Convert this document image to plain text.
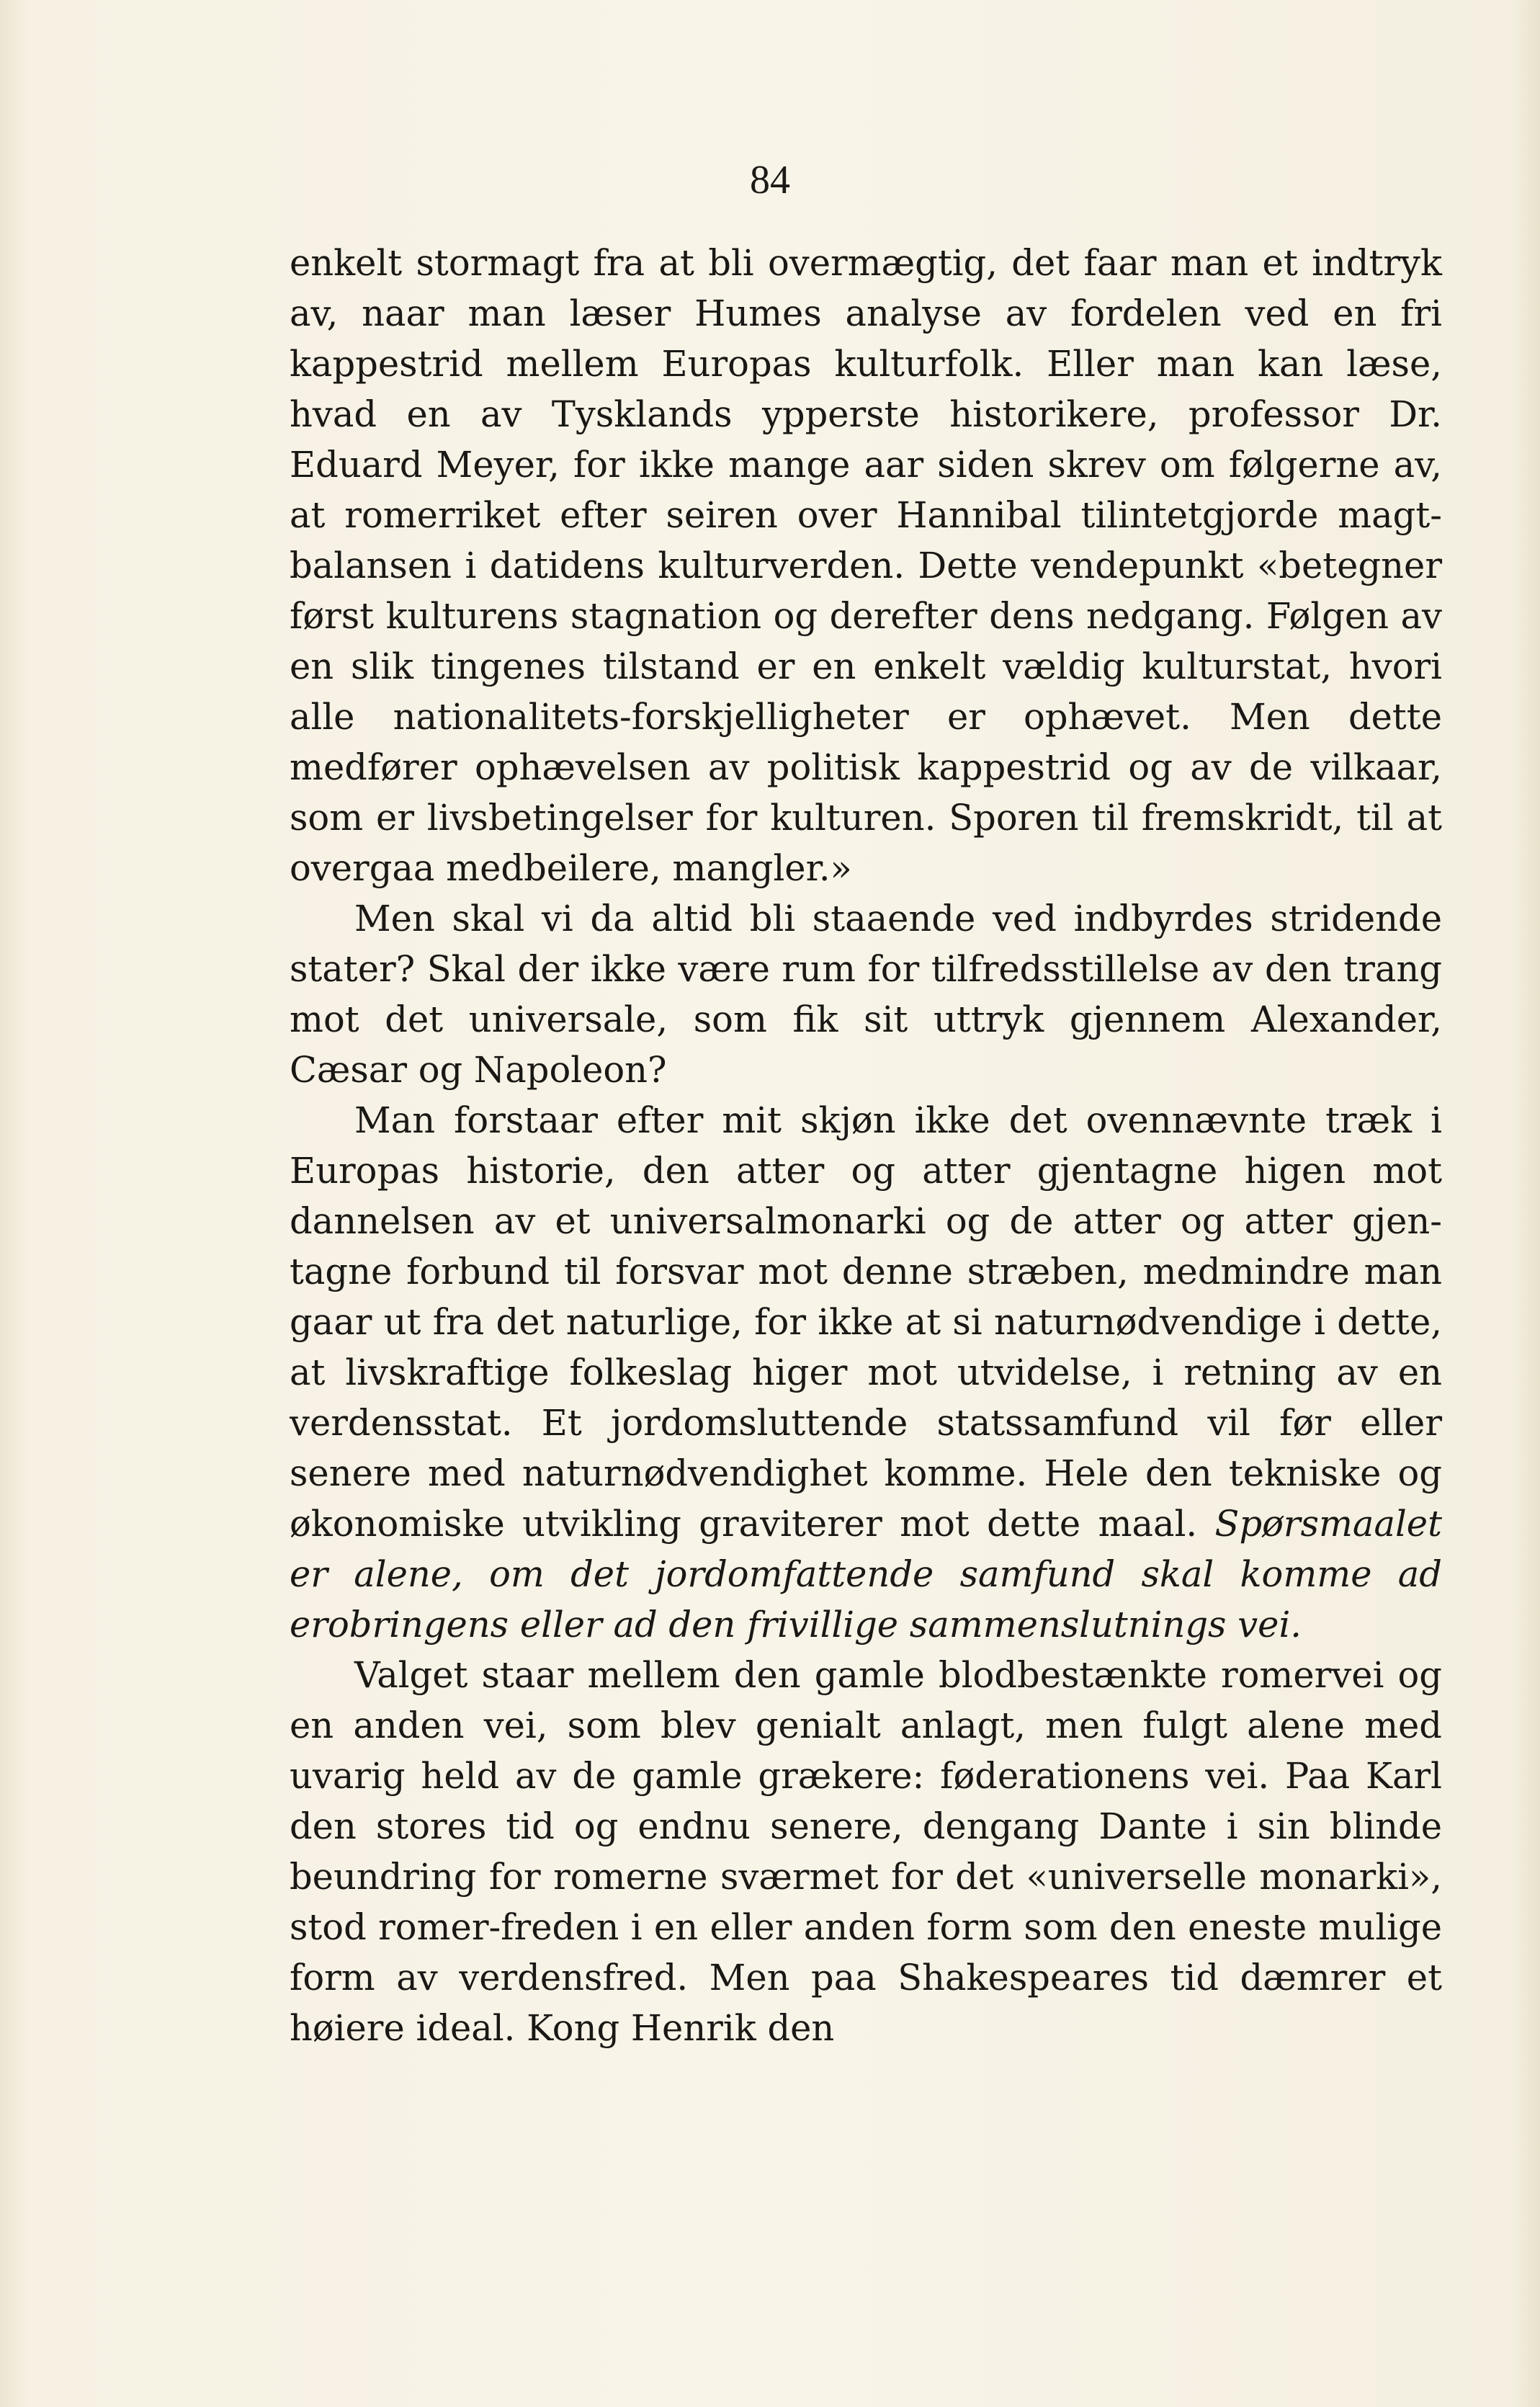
84

enkelt stormagt fra at bli overmægtig, det faar man et indtryk av, naar man læser Humes analyse av fordelen ved en fri kappestrid mellem Europas kulturfolk. Eller man kan læse, hvad en av Tysklands ypperste historikere, professor Dr. Eduard Meyer, for ikke mange aar siden skrev om følgerne av, at romerriket efter seiren over Hannibal tilintetgjorde magt-balansen i datidens kulturverden. Dette vendepunkt «betegner først kulturens stagnation og derefter dens nedgang. Følgen av en slik tingenes tilstand er en enkelt vældig kulturstat, hvori alle nationalitets-forskjelligheter er ophævet. Men dette medfører ophævelsen av politisk kappestrid og av de vilkaar, som er livsbetingelser for kulturen. Sporen til fremskridt, til at overgaa medbeilere, mangler.»

Men skal vi da altid bli staaende ved indbyrdes stridende stater? Skal der ikke være rum for tilfredsstillelse av den trang mot det universale, som fik sit uttryk gjennem Alexander, Cæsar og Napoleon?

Man forstaar efter mit skjøn ikke det ovennævnte træk i Europas historie, den atter og atter gjentagne higen mot dannelsen av et universalmonarki og de atter og atter gjentagne forbund til forsvar mot denne stræben, medmindre man gaar ut fra det naturlige, for ikke at si naturnødvendige i dette, at livskraftige folkeslag higer mot utvidelse, i retning av en verdensstat. Et jordomsluttende statssamfund vil før eller senere med naturnødvendighet komme. Hele den tekniske og økonomiske utvikling graviterer mot dette maal. Spørsmaalet er alene, om det jordomfattende samfund skal komme ad erobringens eller ad den frivillige sammenslutnings vei.

Valget staar mellem den gamle blodbestænkte romervei og en anden vei, som blev genialt anlagt, men fulgt alene med uvarig held av de gamle grækere: føderationens vei. Paa Karl den stores tid og endnu senere, dengang Dante i sin blinde beundring for romerne sværmet for det «universelle monarki», stod romer-freden i en eller anden form som den eneste mulige form av verdensfred. Men paa Shakespeares tid dæmrer et høiere ideal. Kong Henrik den
